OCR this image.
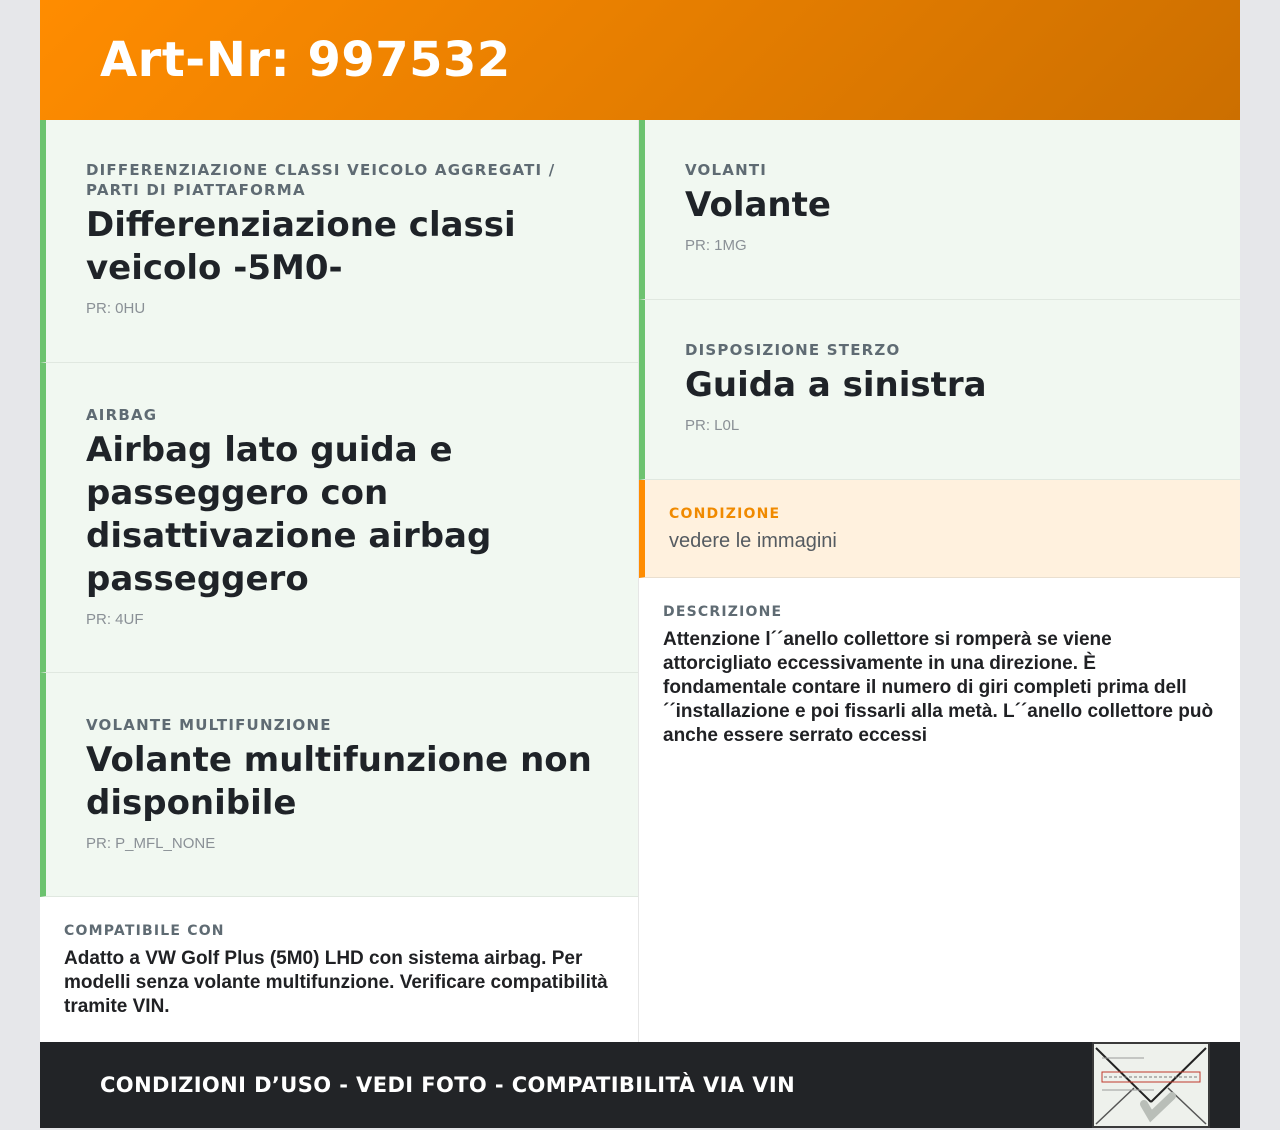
Art-Nr: 997532
DIFFERENZIAZIONE CLASSI VEICOLO AGGREGATI / PARTI DI PIATTAFORMA
Differenziazione classi veicolo -5M0-
PR: 0HU
AIRBAG
Airbag lato guida e passeggero con disattivazione airbag passeggero
PR: 4UF
VOLANTE MULTIFUNZIONE
Volante multifunzione non disponibile
PR: P_MFL_NONE
COMPATIBILE CON
Adatto a VW Golf Plus (5M0) LHD con sistema airbag. Per modelli senza volante multifunzione. Verificare compatibilità tramite VIN.
VOLANTI
Volante
PR: 1MG
DISPOSIZIONE STERZO
Guida a sinistra
PR: L0L
CONDIZIONE
vedere le immagini
DESCRIZIONE
Attenzione l´´anello collettore si romperà se viene attorcigliato eccessivamente in una direzione. È fondamentale contare il numero di giri completi prima dell´´installazione e poi fissarli alla metà. L´´anello collettore può anche essere serrato eccessi
CONDIZIONI D’USO - VEDI FOTO - COMPATIBILITÀ VIA VIN
